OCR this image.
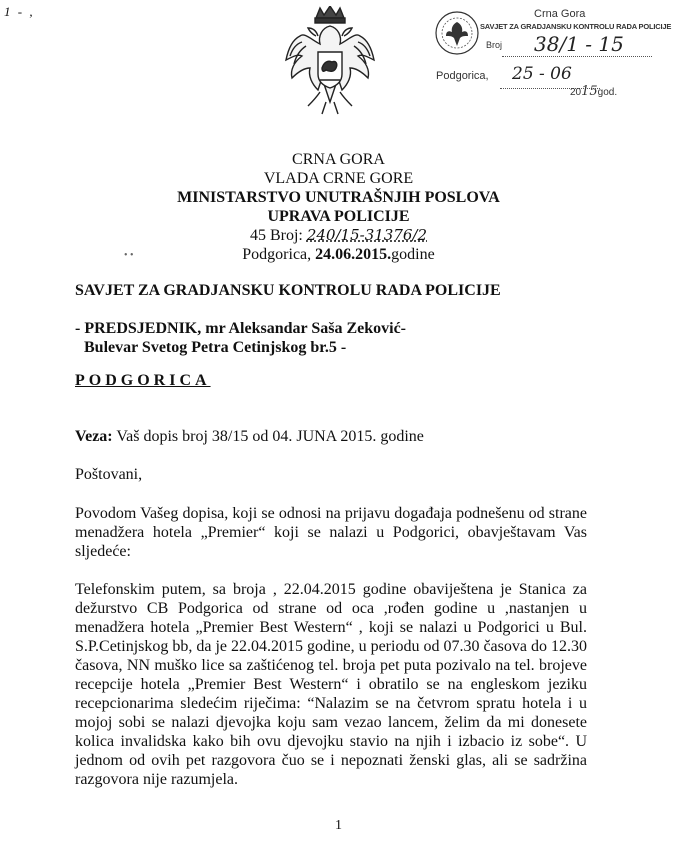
1 - ,	Crna Gora
SAVJET ZA GRADJANSKU KONTROLU RADA POLICIJE
Broj 38/1 - 15
Podgorica, 25 - 06
2015god.
CRNA GORA
VLADA CRNE GORE
MINISTARSTVO UNUTRAŠNJIH POSLOVA
UPRAVA POLICIJE
45 Broj: 240/15-31376/2
• •	Podgorica, 24.06.2015.godine
SAVJET ZA GRADJANSKU KONTROLU RADA POLICIJE
- PREDSJEDNIK, mr Aleksandar Saša Zeković-
Bulevar Svetog Petra Cetinjskog br.5 -
PODGORICA
Veza: Vaš dopis broj 38/15 od 04. JUNA 2015. godine
Poštovani,

Povodom Vašeg dopisa, koji se odnosi na prijavu događaja podnešenu od strane menadžera hotela „Premier“ koji se nalazi u Podgorici, obavještavam Vas sljedeće:

Telefonskim putem, sa broja , 22.04.2015 godine obaviještena je Stanica za dežurstvo CB Podgorica od strane od oca ,rođen godine u ,nastanjen u menadžera hotela „Premier Best Western“ , koji se nalazi u Podgorici u Bul. S.P.Cetinjskog bb, da je 22.04.2015 godine, u periodu od 07.30 časova do 12.30 časova, NN muško lice sa zaštićenog tel. broja pet puta pozivalo na tel. brojeve recepcije hotela „Premier Best Western“ i obratilo se na engleskom jeziku recepcionarima sledećim riječima: “Nalazim se na četvrom spratu hotela i u mojoj sobi se nalazi djevojka koju sam vezao lancem, želim da mi donesete kolica invalidska kako bih ovu djevojku stavio na njih i izbacio iz sobe“. U jednom od ovih pet razgovora čuo se i nepoznati ženski glas, ali se sadržina razgovora nije razumjela.

1
